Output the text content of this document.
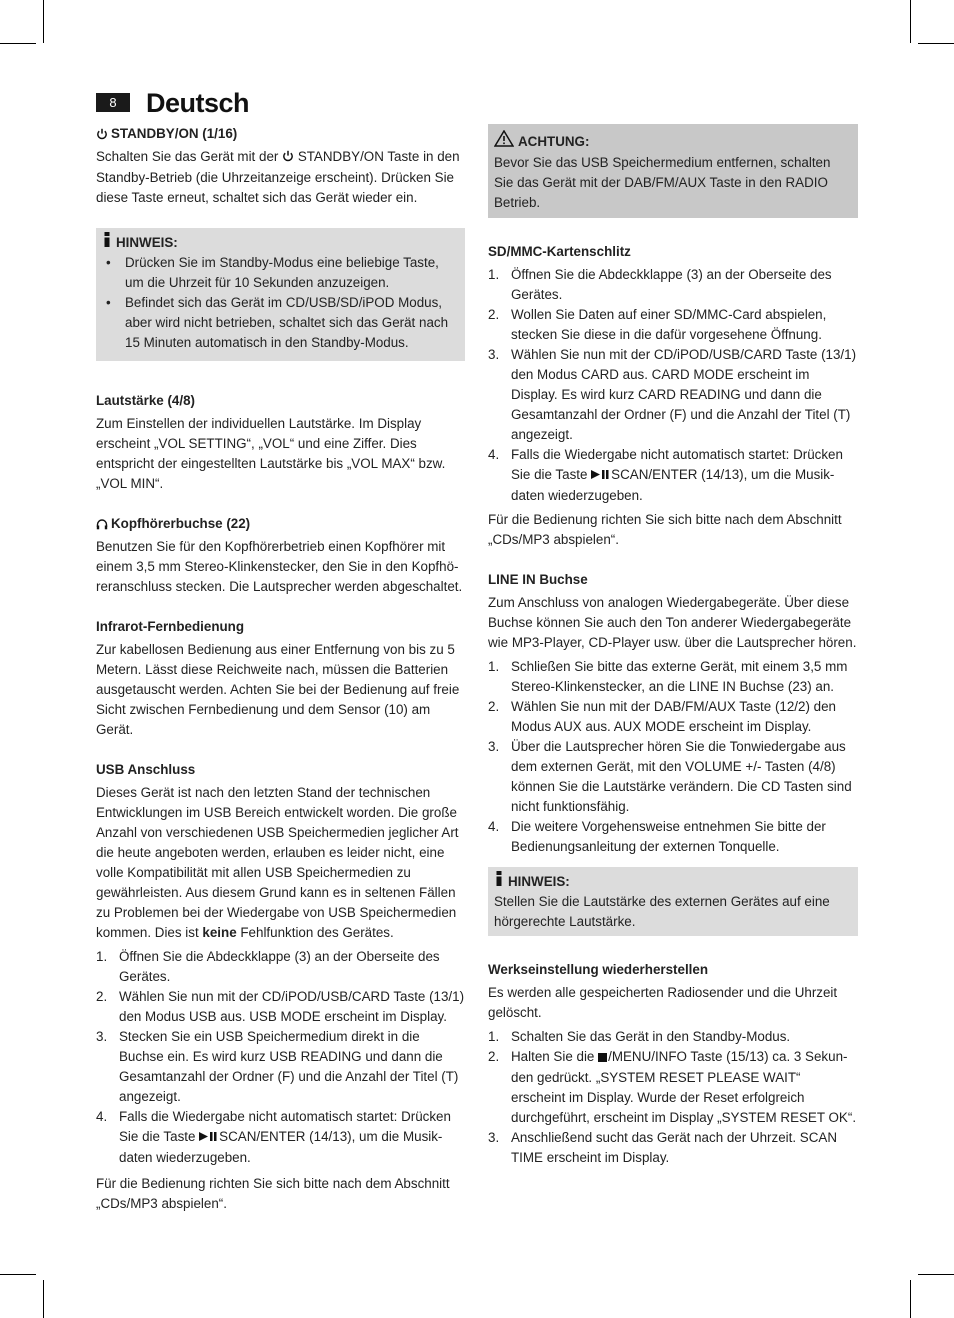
8	Deutsch
STANDBY/ON (1/16)

Schalten Sie das Gerät mit der  STANDBY/ON Taste in den Standby-Betrieb (die Uhrzeitanzeige erscheint). Drücken Sie diese Taste erneut, schaltet sich das Gerät wieder ein.

HINWEIS:
• Drücken Sie im Standby-Modus eine beliebige Taste, um die Uhrzeit für 10 Sekunden anzuzeigen.
• Befindet sich das Gerät im CD/USB/SD/iPOD Modus, aber wird nicht betrieben, schaltet sich das Gerät nach 15 Minuten automatisch in den Standby-Modus.
Lautstärke (4/8)

Zum Einstellen der individuellen Lautstärke. Im Display erscheint „VOL SETTING“, „VOL“ und eine Ziffer. Dies entspricht der eingestellten Lautstärke bis „VOL MAX“ bzw. „VOL MIN“.

Kopfhörerbuchse (22)

Benutzen Sie für den Kopfhörerbetrieb einen Kopfhörer mit einem 3,5 mm Stereo-Klinkenstecker, den Sie in den Kopfhö-reranschluss stecken. Die Lautsprecher werden abgeschaltet.

Infrarot-Fernbedienung

Zur kabellosen Bedienung aus einer Entfernung von bis zu 5 Metern. Lässt diese Reichweite nach, müssen die Batterien ausgetauscht werden. Achten Sie bei der Bedienung auf freie Sicht zwischen Fernbedienung und dem Sensor (10) am Gerät.

USB Anschluss

Dieses Gerät ist nach den letzten Stand der technischen Entwicklungen im USB Bereich entwickelt worden. Die große Anzahl von verschiedenen USB Speichermedien jeglicher Art die heute angeboten werden, erlauben es leider nicht, eine volle Kompatibilität mit allen USB Speichermedien zu gewährleisten. Aus diesem Grund kann es in seltenen Fällen zu Problemen bei der Wiedergabe von USB Speichermedien kommen. Dies ist keine Fehlfunktion des Gerätes.

1. Öffnen Sie die Abdeckklappe (3) an der Oberseite des Gerätes.
2. Wählen Sie nun mit der CD/iPOD/USB/CARD Taste (13/1) den Modus USB aus. USB MODE erscheint im Display.
3. Stecken Sie ein USB Speichermedium direkt in die Buchse ein. Es wird kurz USB READING und dann die Gesamtanzahl der Ordner (F) und die Anzahl der Titel (T) angezeigt.
4. Falls die Wiedergabe nicht automatisch startet: Drücken Sie die Taste SCAN/ENTER (14/13), um die Musik-daten wiederzugeben.

Für die Bedienung richten Sie sich bitte nach dem Abschnitt „CDs/MP3 abspielen“.

ACHTUNG:
Bevor Sie das USB Speichermedium entfernen, schalten Sie das Gerät mit der DAB/FM/AUX Taste in den RADIO Betrieb.
SD/MMC-Kartenschlitz
1. Öffnen Sie die Abdeckklappe (3) an der Oberseite des Gerätes.
2. Wollen Sie Daten auf einer SD/MMC-Card abspielen, stecken Sie diese in die dafür vorgesehene Öffnung.
3. Wählen Sie nun mit der CD/iPOD/USB/CARD Taste (13/1) den Modus CARD aus. CARD MODE erscheint im Display. Es wird kurz CARD READING und dann die Gesamtanzahl der Ordner (F) und die Anzahl der Titel (T) angezeigt.
4. Falls die Wiedergabe nicht automatisch startet: Drücken Sie die Taste SCAN/ENTER (14/13), um die Musik-daten wiederzugeben.

Für die Bedienung richten Sie sich bitte nach dem Abschnitt „CDs/MP3 abspielen“.

LINE IN Buchse

Zum Anschluss von analogen Wiedergabegeräte. Über diese Buchse können Sie auch den Ton anderer Wiedergabegeräte wie MP3-Player, CD-Player usw. über die Lautsprecher hören.

1. Schließen Sie bitte das externe Gerät, mit einem 3,5 mm Stereo-Klinkenstecker, an die LINE IN Buchse (23) an.
2. Wählen Sie nun mit der DAB/FM/AUX Taste (12/2) den Modus AUX aus. AUX MODE erscheint im Display.
3. Über die Lautsprecher hören Sie die Tonwiedergabe aus dem externen Gerät, mit den VOLUME +/- Tasten (4/8) können Sie die Lautstärke verändern. Die CD Tasten sind nicht funktionsfähig.
4. Die weitere Vorgehensweise entnehmen Sie bitte der Bedienungsanleitung der externen Tonquelle.
HINWEIS:
Stellen Sie die Lautstärke des externen Gerätes auf eine hörgerechte Lautstärke.
Werkseinstellung wiederherstellen

Es werden alle gespeicherten Radiosender und die Uhrzeit gelöscht.

1. Schalten Sie das Gerät in den Standby-Modus.
2. Halten Sie die /MENU/INFO Taste (15/13) ca. 3 Sekun-den gedrückt. „SYSTEM RESET PLEASE WAIT“ erscheint im Display. Wurde der Reset erfolgreich durchgeführt, erscheint im Display „SYSTEM RESET OK“.
3. Anschließend sucht das Gerät nach der Uhrzeit. SCAN TIME erscheint im Display.
